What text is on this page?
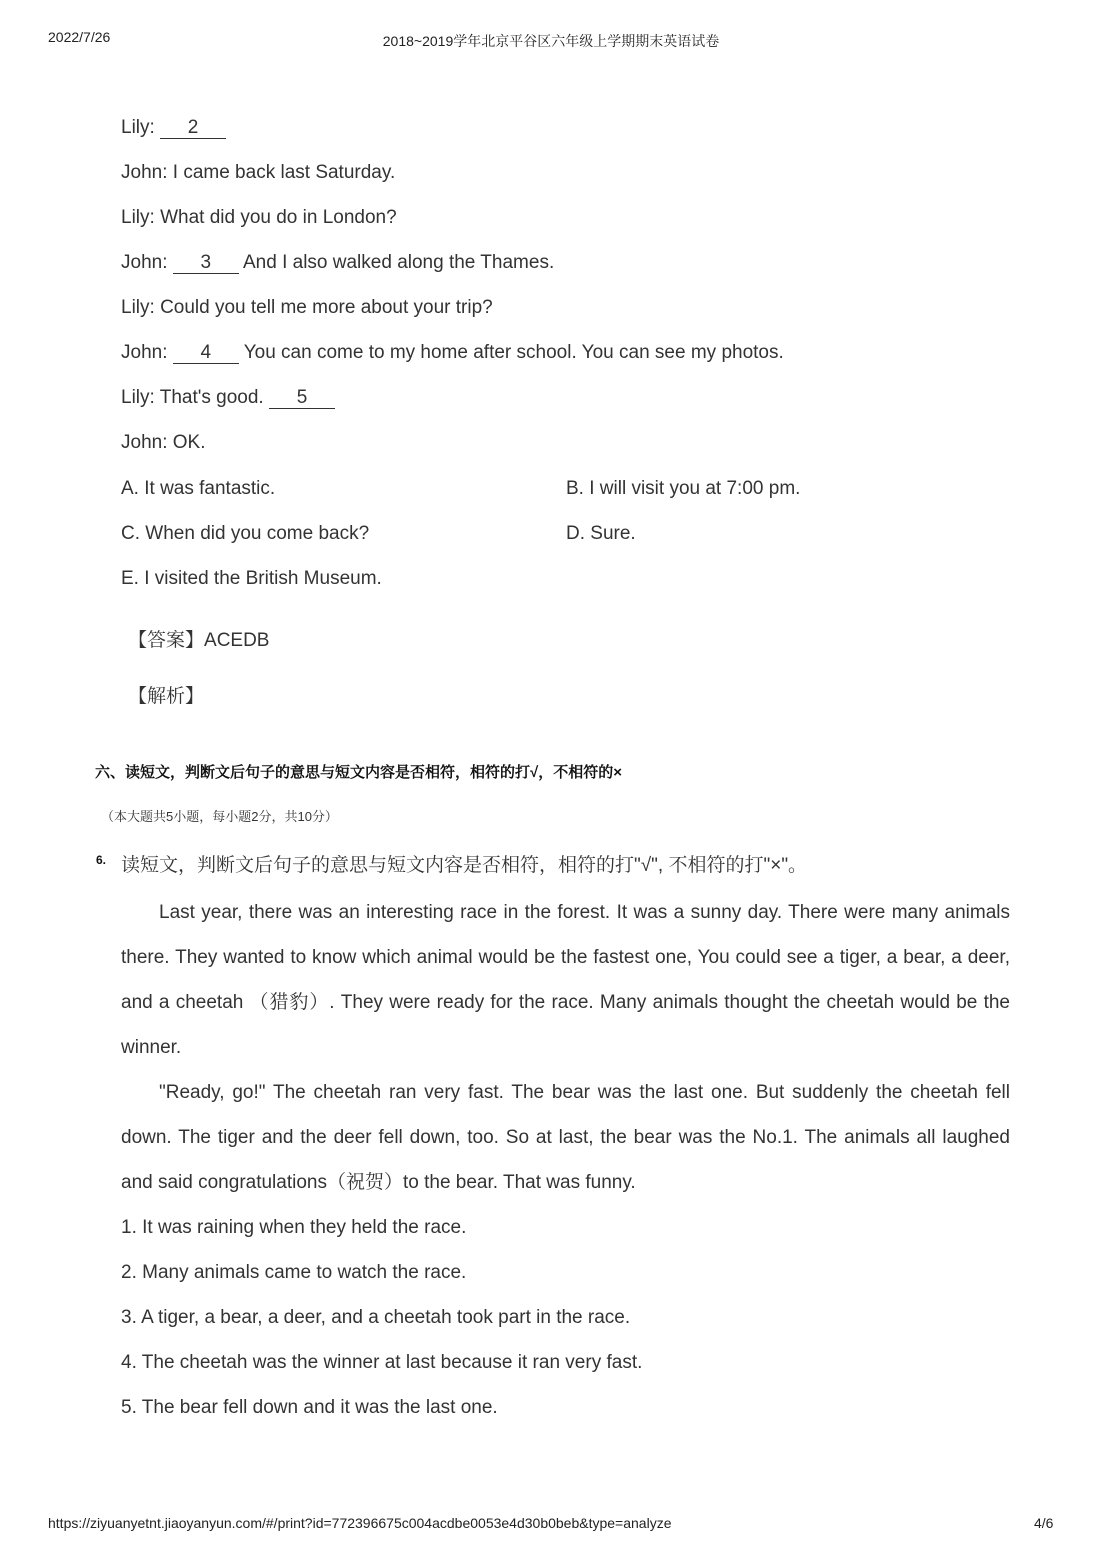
2022/7/26	2018~2019学年北京平谷区六年级上学期期末英语试卷
Lily: 2
John: I came back last Saturday.
Lily: What did you do in London?
John: 3 And I also walked along the Thames.
Lily: Could you tell me more about your trip?
John: 4 You can come to my home after school. You can see my photos.
Lily: That's good. 5
John: OK.
A. It was fantastic.	B. I will visit you at 7:00 pm.
C. When did you come back?	D. Sure.
E. I visited the British Museum.
【答案】ACEDB
【解析】
六、读短文，判断文后句子的意思与短文内容是否相符，相符的打√，不相符的×
（本大题共5小题，每小题2分，共10分）
6. 读短文，判断文后句子的意思与短文内容是否相符，相符的打"√", 不相符的打"×"。

Last year, there was an interesting race in the forest. It was a sunny day. There were many animals there. They wanted to know which animal would be the fastest one, You could see a tiger, a bear, a deer, and a cheetah （猎豹）. They were ready for the race. Many animals thought the cheetah would be the winner.

"Ready, go!" The cheetah ran very fast. The bear was the last one. But suddenly the cheetah fell down. The tiger and the deer fell down, too. So at last, the bear was the No.1. The animals all laughed and said congratulations（祝贺）to the bear. That was funny.

1. It was raining when they held the race.
2. Many animals came to watch the race.
3. A tiger, a bear, a deer, and a cheetah took part in the race.
4. The cheetah was the winner at last because it ran very fast.
5. The bear fell down and it was the last one.
https://ziyuanyetnt.jiaoyanyun.com/#/print?id=772396675c004acdbe0053e4d30b0beb&type=analyze	4/6
